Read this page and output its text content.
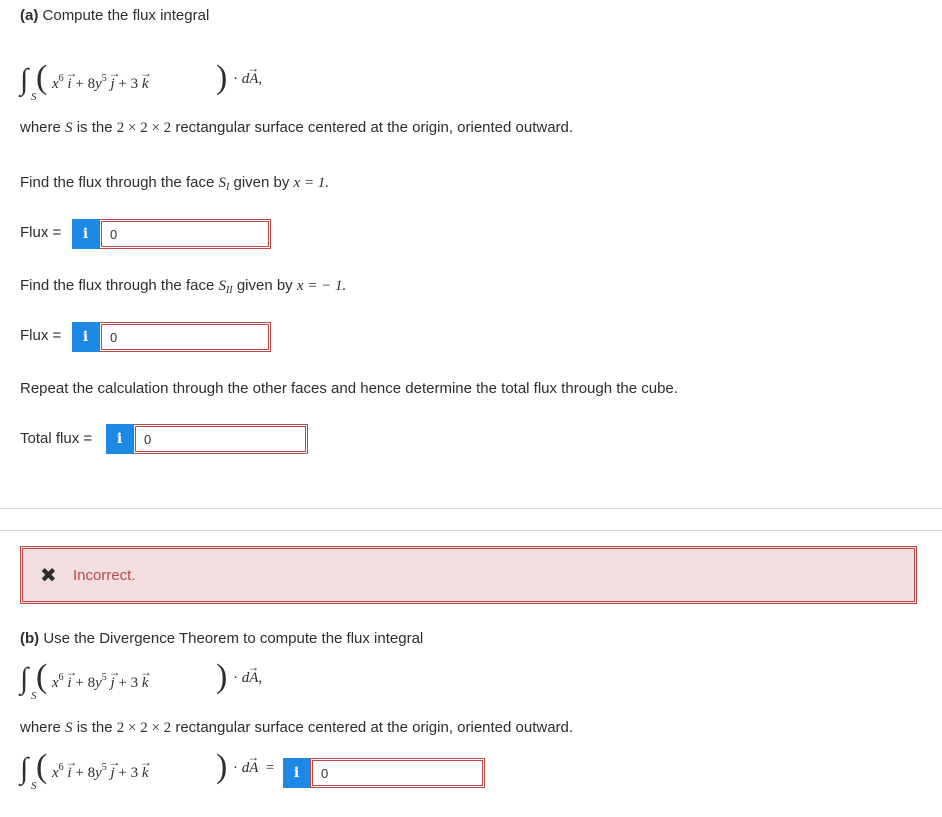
(a) Compute the flux integral
∫
S
( $x^6 \to i + 8y^5 \to j + 3 \to k$ ) · d→ A,
where S is the 2 × 2 × 2 rectangular surface centered at the origin, oriented outward.
Find the flux through the face $S_I$ given by x = 1.
Flux =	i	0
Find the flux through the face $S_{II}$ given by x = − 1.
Flux =	i	0
Repeat the calculation through the other faces and hence determine the total flux through the cube.
Total flux =	i	0
✖ Incorrect.
(b) Use the Divergence Theorem to compute the flux integral
∫
S
( $x^6 \to i + 8y^5 \to j + 3 \to k$ ) · d→ A,
where S is the 2 × 2 × 2 rectangular surface centered at the origin, oriented outward.
∫
S
( $x^6 \to i + 8y^5 \to j + 3 \to k$ ) · d→ A =	i	0
